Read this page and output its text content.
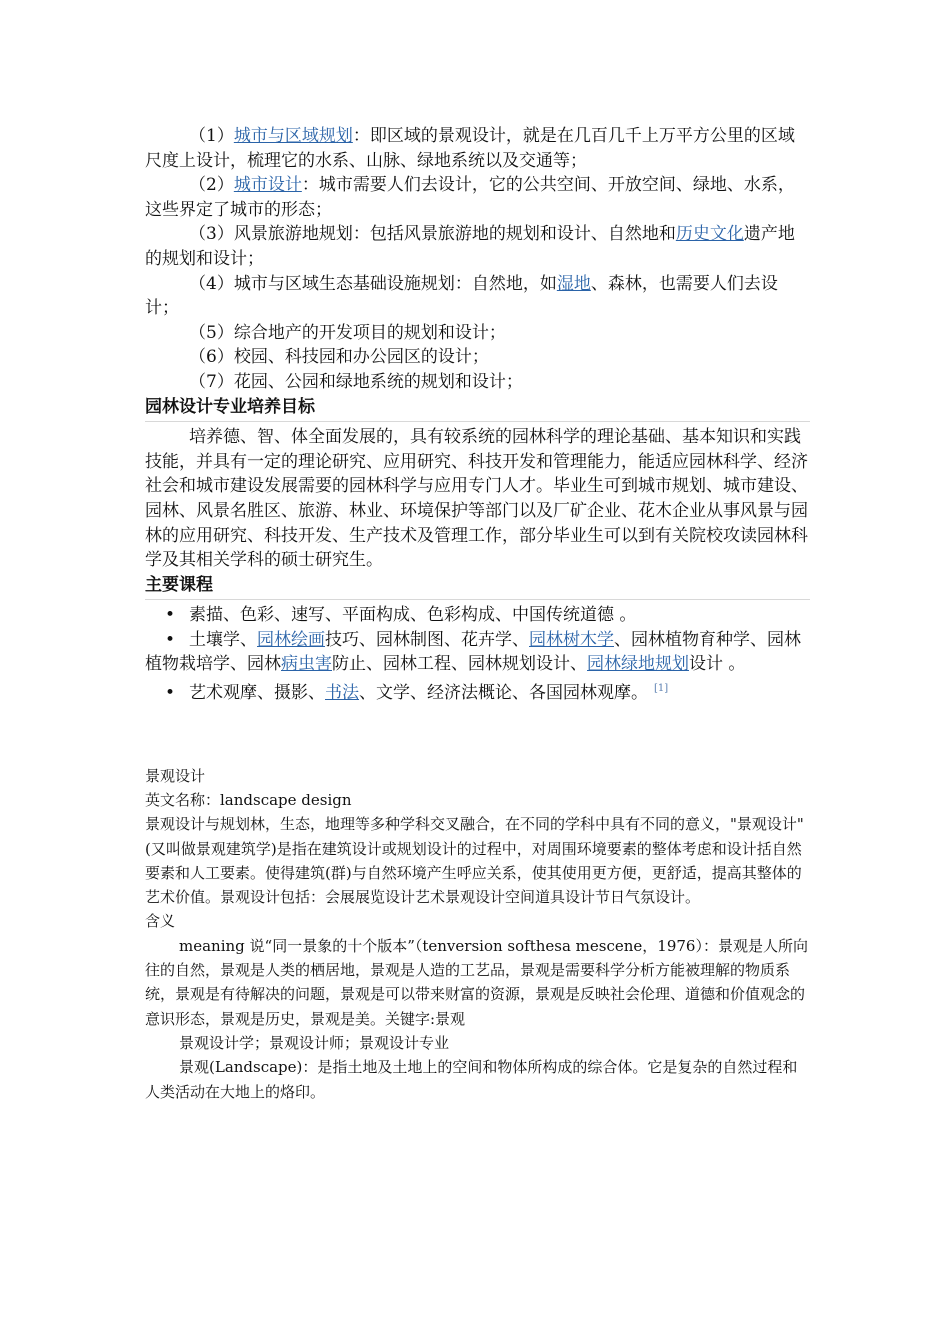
（1）城市与区域规划：即区域的景观设计，就是在几百几千上万平方公里的区域尺度上设计，梳理它的水系、山脉、绿地系统以及交通等；

（2）城市设计：城市需要人们去设计，它的公共空间、开放空间、绿地、水系，这些界定了城市的形态；

（3）风景旅游地规划：包括风景旅游地的规划和设计、自然地和历史文化遗产地的规划和设计；

（4）城市与区域生态基础设施规划：自然地，如湿地、森林，也需要人们去设计；

（5）综合地产的开发项目的规划和设计；

（6）校园、科技园和办公园区的设计；

（7）花园、公园和绿地系统的规划和设计；

园林设计专业培养目标

培养德、智、体全面发展的，具有较系统的园林科学的理论基础、基本知识和实践技能，并具有一定的理论研究、应用研究、科技开发和管理能力，能适应园林科学、经济社会和城市建设发展需要的园林科学与应用专门人才。毕业生可到城市规划、城市建设、园林、风景名胜区、旅游、林业、环境保护等部门以及厂矿企业、花木企业从事风景与园林的应用研究、科技开发、生产技术及管理工作，部分毕业生可以到有关院校攻读园林科学及其相关学科的硕士研究生。

主要课程

• 素描、色彩、速写、平面构成、色彩构成、中国传统道德 。

• 土壤学、园林绘画技巧、园林制图、花卉学、园林树木学、园林植物育种学、园林植物栽培学、园林病虫害防止、园林工程、园林规划设计、园林绿地规划设计 。

• 艺术观摩、摄影、书法、文学、经济法概论、各国园林观摩。 [1]

景观设计

英文名称：landscape design

景观设计与规划林，生态，地理等多种学科交叉融合，在不同的学科中具有不同的意义，"景观设计"(又叫做景观建筑学)是指在建筑设计或规划设计的过程中，对周围环境要素的整体考虑和设计括自然要素和人工要素。使得建筑(群)与自然环境产生呼应关系，使其使用更方便，更舒适，提高其整体的艺术价值。景观设计包括：会展展览设计艺术景观设计空间道具设计节日气氛设计。

含义

meaning 说“同一景象的十个版本”（tenversion softhesa mescene，1976）：景观是人所向往的自然，景观是人类的栖居地，景观是人造的工艺品，景观是需要科学分析方能被理解的物质系统，景观是有待解决的问题，景观是可以带来财富的资源，景观是反映社会伦理、道德和价值观念的意识形态，景观是历史，景观是美。关键字:景观

景观设计学；景观设计师；景观设计专业

景观(Landscape)：是指土地及土地上的空间和物体所构成的综合体。它是复杂的自然过程和人类活动在大地上的烙印。
